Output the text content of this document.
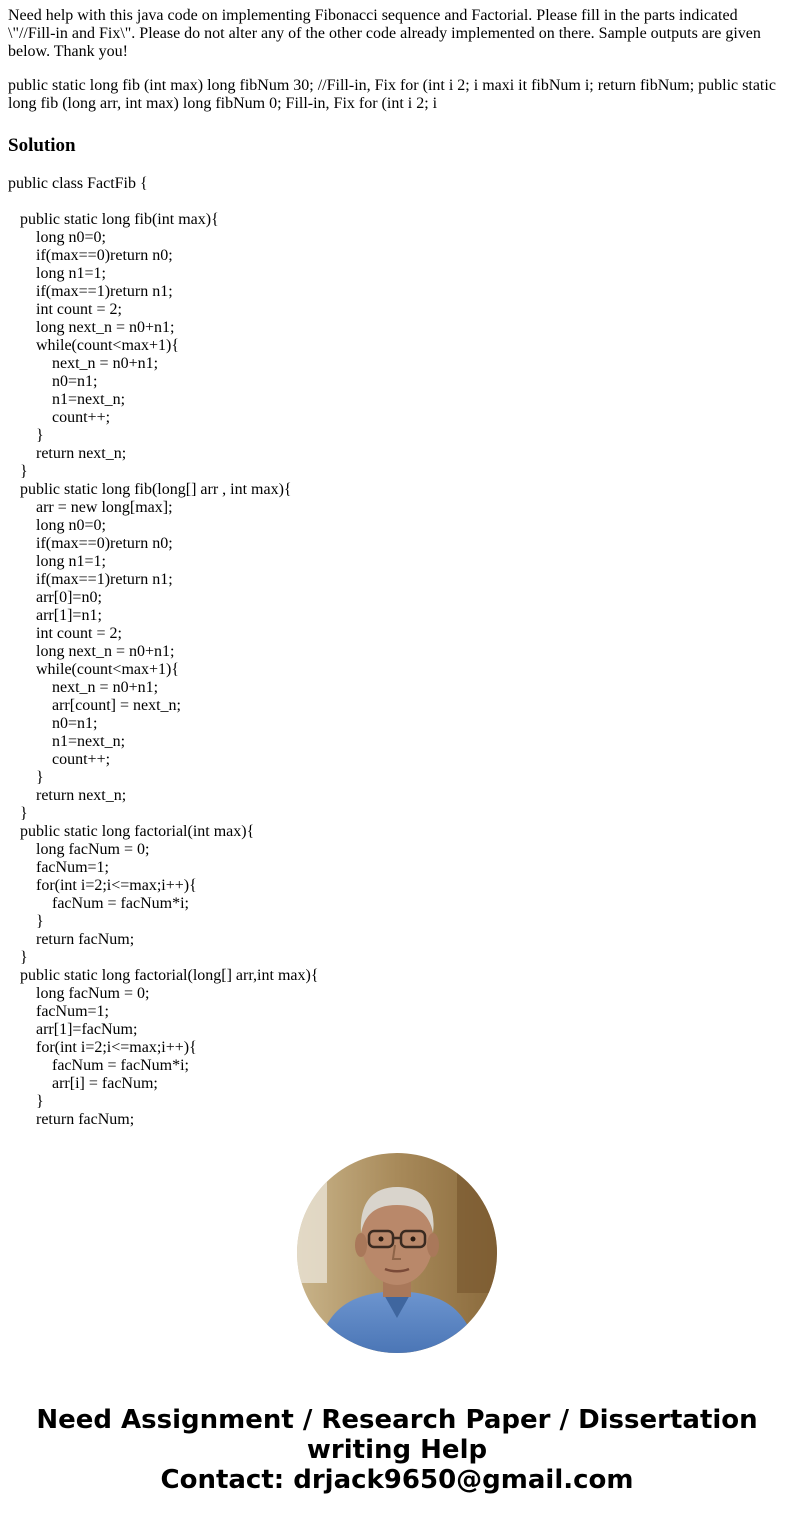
Need help with this java code on implementing Fibonacci sequence and Factorial. Please fill in the parts indicated \"//Fill-in and Fix\". Please do not alter any of the other code already implemented on there. Sample outputs are given below. Thank you!

public static long fib (int max) long fibNum 30; //Fill-in, Fix for (int i 2; i maxi it fibNum i; return fibNum; public static long fib (long arr, int max) long fibNum 0; Fill-in, Fix for (int i 2; i

Solution
public class FactFib {
public static long fib(int max){
long n0=0;
if(max==0)return n0;
long n1=1;
if(max==1)return n1;
int count = 2;
long next_n = n0+n1;
while(count<max+1){
next_n = n0+n1;
n0=n1;
n1=next_n;
count++;
}
return next_n;
}
public static long fib(long[] arr , int max){
arr = new long[max];
long n0=0;
if(max==0)return n0;
long n1=1;
if(max==1)return n1;
arr[0]=n0;
arr[1]=n1;
int count = 2;
long next_n = n0+n1;
while(count<max+1){
next_n = n0+n1;
arr[count] = next_n;
n0=n1;
n1=next_n;
count++;
}
return next_n;
}
public static long factorial(int max){
long facNum = 0;
facNum=1;
for(int i=2;i<=max;i++){
facNum = facNum*i;
}
return facNum;
}
public static long factorial(long[] arr,int max){
long facNum = 0;
facNum=1;
arr[1]=facNum;
for(int i=2;i<=max;i++){
facNum = facNum*i;
arr[i] = facNum;
}
return facNum;
Need Assignment / Research Paper / Dissertation
writing Help
Contact: drjack9650@gmail.com
